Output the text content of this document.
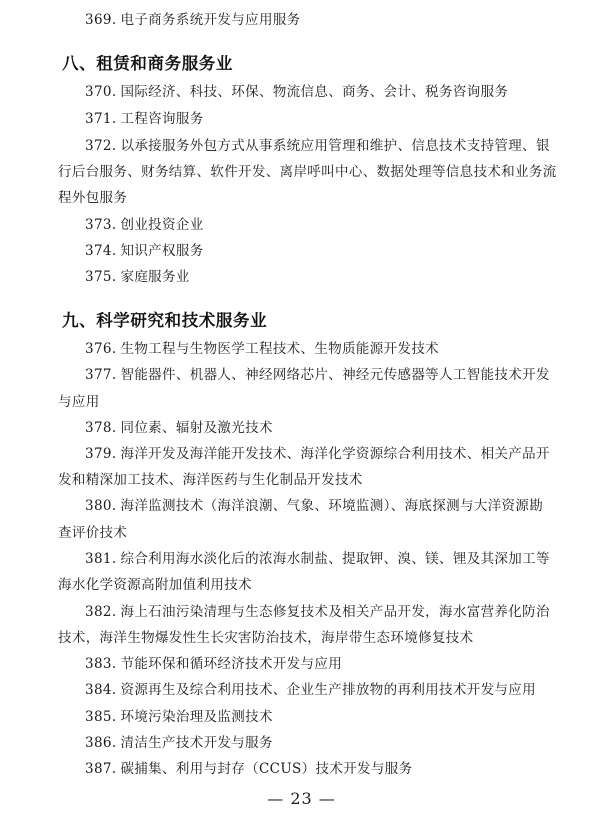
369. 电子商务系统开发与应用服务
八、租赁和商务服务业
370. 国际经济、科技、环保、物流信息、商务、会计、税务咨询服务
371. 工程咨询服务
372. 以承接服务外包方式从事系统应用管理和维护、信息技术支持管理、银
行后台服务、财务结算、软件开发、离岸呼叫中心、数据处理等信息技术和业务流
程外包服务
373. 创业投资企业
374. 知识产权服务
375. 家庭服务业
九、科学研究和技术服务业
376. 生物工程与生物医学工程技术、生物质能源开发技术
377. 智能器件、机器人、神经网络芯片、神经元传感器等人工智能技术开发
与应用
378. 同位素、辐射及激光技术
379. 海洋开发及海洋能开发技术、海洋化学资源综合利用技术、相关产品开
发和精深加工技术、海洋医药与生化制品开发技术
380. 海洋监测技术（海洋浪潮、气象、环境监测）、海底探测与大洋资源勘
查评价技术
381. 综合利用海水淡化后的浓海水制盐、提取钾、溴、镁、锂及其深加工等
海水化学资源高附加值利用技术
382. 海上石油污染清理与生态修复技术及相关产品开发，海水富营养化防治
技术，海洋生物爆发性生长灾害防治技术，海岸带生态环境修复技术
383. 节能环保和循环经济技术开发与应用
384. 资源再生及综合利用技术、企业生产排放物的再利用技术开发与应用
385. 环境污染治理及监测技术
386. 清洁生产技术开发与服务
387. 碳捕集、利用与封存（CCUS）技术开发与服务
— 23 —
